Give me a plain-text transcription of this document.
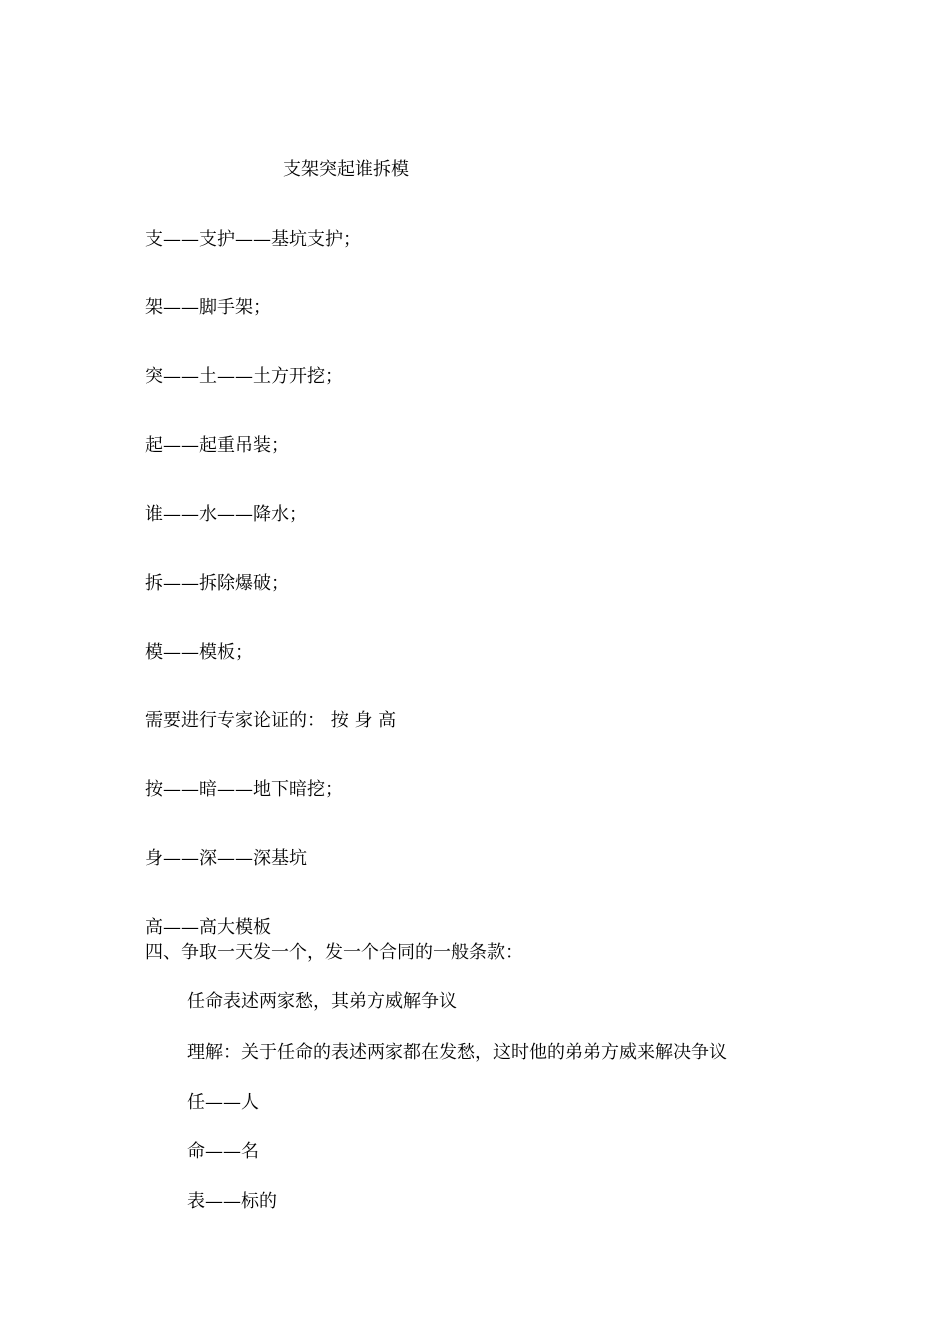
支架突起谁拆模
支——支护——基坑支护；
架——脚手架；
突——土——土方开挖；
起——起重吊装；
谁——水——降水；
拆——拆除爆破；
模——模板；
需要进行专家论证的： 按 身 高
按——暗——地下暗挖；
身——深——深基坑
高——高大模板
四、争取一天发一个，发一个合同的一般条款：
任命表述两家愁，其弟方威解争议
理解：关于任命的表述两家都在发愁，这时他的弟弟方威来解决争议
任——人
命——名
表——标的
